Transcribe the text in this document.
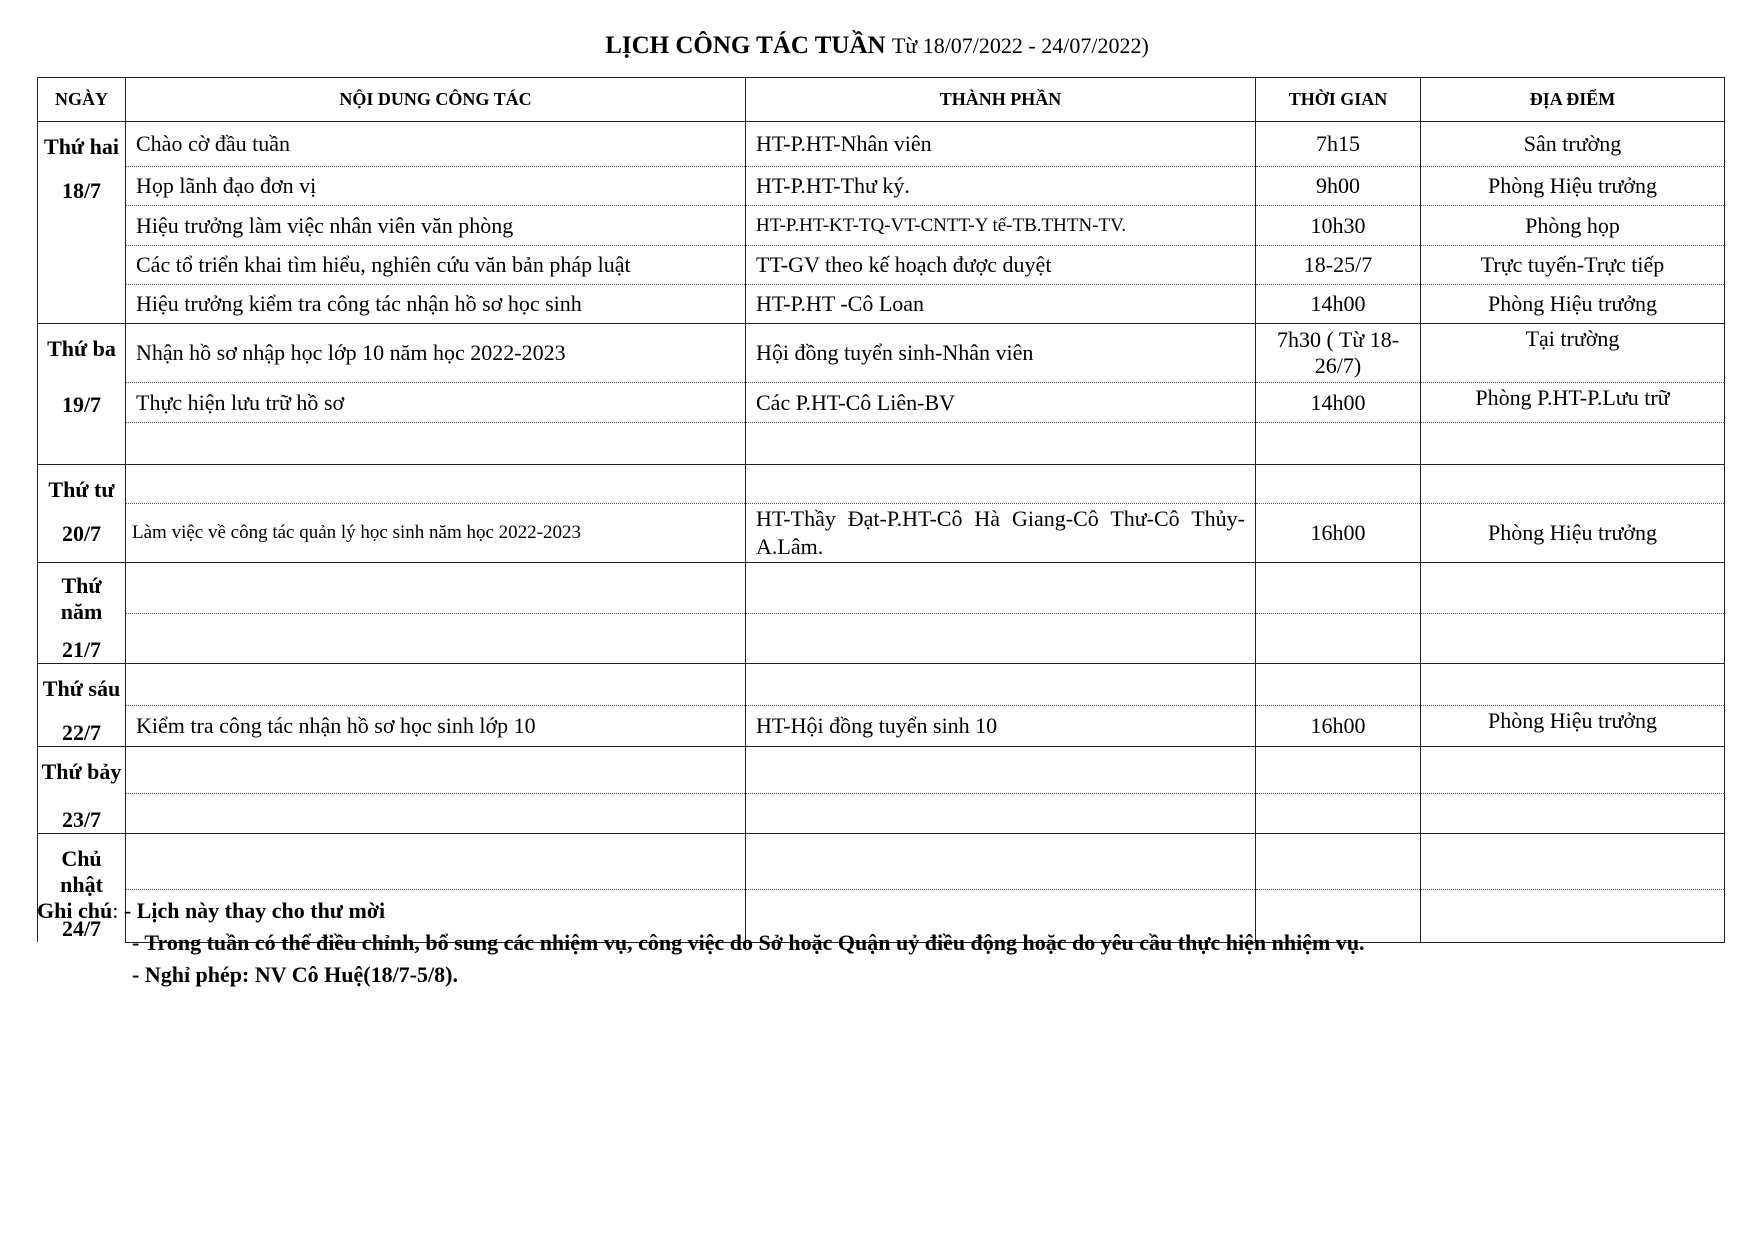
LỊCH CÔNG TÁC TUẦN Từ 18/07/2022 - 24/07/2022)
NGÀY	NỘI DUNG CÔNG TÁC	THÀNH PHẦN	THỜI GIAN	ĐỊA ĐIỂM

Thứ hai
18/7	Chào cờ đầu tuần	HT-P.HT-Nhân viên	7h15	Sân trường
	Họp lãnh đạo đơn vị	HT-P.HT-Thư ký.	9h00	Phòng Hiệu trưởng
	Hiệu trưởng làm việc nhân viên văn phòng	HT-P.HT-KT-TQ-VT-CNTT-Y tế-TB.THTN-TV.	10h30	Phòng họp
	Các tổ triển khai tìm hiểu, nghiên cứu văn bản pháp luật	TT-GV theo kế hoạch được duyệt	18-25/7	Trực tuyến-Trực tiếp
	Hiệu trưởng kiểm tra công tác nhận hồ sơ học sinh	HT-P.HT -Cô Loan	14h00	Phòng Hiệu trưởng

Thứ ba
19/7	Nhận hồ sơ nhập học lớp 10 năm học 2022-2023	Hội đồng tuyển sinh-Nhân viên	7h30 ( Từ 18-26/7)	Tại trường
	Thực hiện lưu trữ hồ sơ	Các P.HT-Cô Liên-BV	14h00	Phòng P.HT-P.Lưu trữ

Thứ tư
20/7				

	Làm việc về công tác quản lý học sinh năm học 2022-2023	HT-Thầy Đạt-P.HT-Cô Hà Giang-Cô Thư-Cô Thủy-A.Lâm.	16h00	Phòng Hiệu trưởng

Thứ năm
21/7				

Thứ sáu
22/7				

	Kiểm tra công tác nhận hồ sơ học sinh lớp 10	HT-Hội đồng tuyển sinh 10	16h00	Phòng Hiệu trưởng

Thứ bảy
23/7				

Chủ nhật
24/7				

Ghi chú: - Lịch này thay cho thư mời
- Trong tuần có thể điều chỉnh, bổ sung các nhiệm vụ, công việc do Sở hoặc Quận uỷ điều động hoặc do yêu cầu thực hiện nhiệm vụ.
- Nghỉ phép: NV Cô Huệ(18/7-5/8).
